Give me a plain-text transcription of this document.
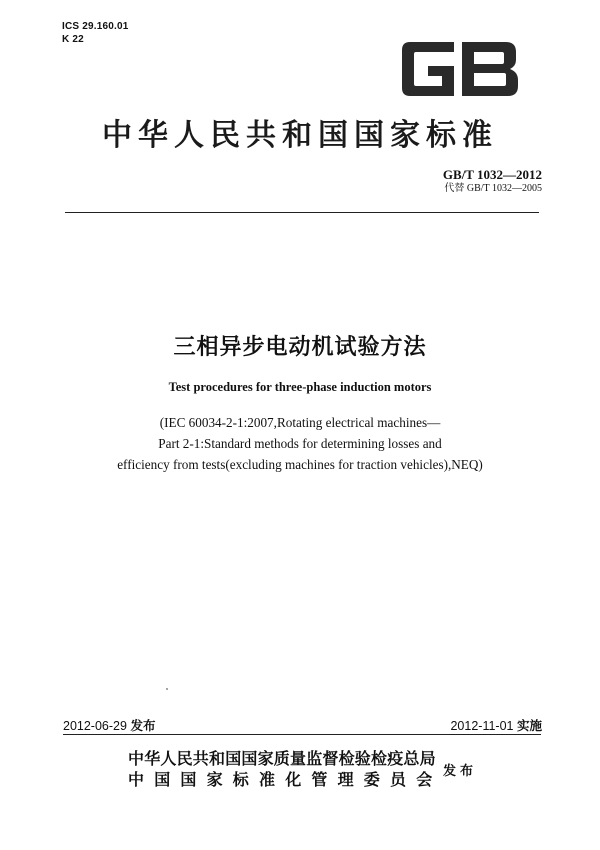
ICS 29.160.01
K 22
中华人民共和国国家标准
GB/T 1032—2012
代替 GB/T 1032—2005
三相异步电动机试验方法
Test procedures for three-phase induction motors
(IEC 60034-2-1:2007,Rotating electrical machines—
Part 2-1:Standard methods for determining losses and
efficiency from tests(excluding machines for traction vehicles),NEQ)
2012-06-29 发布	2012-11-01 实施
中华人民共和国国家质量监督检验检疫总局
中国国家标准化管理委员会 发布
